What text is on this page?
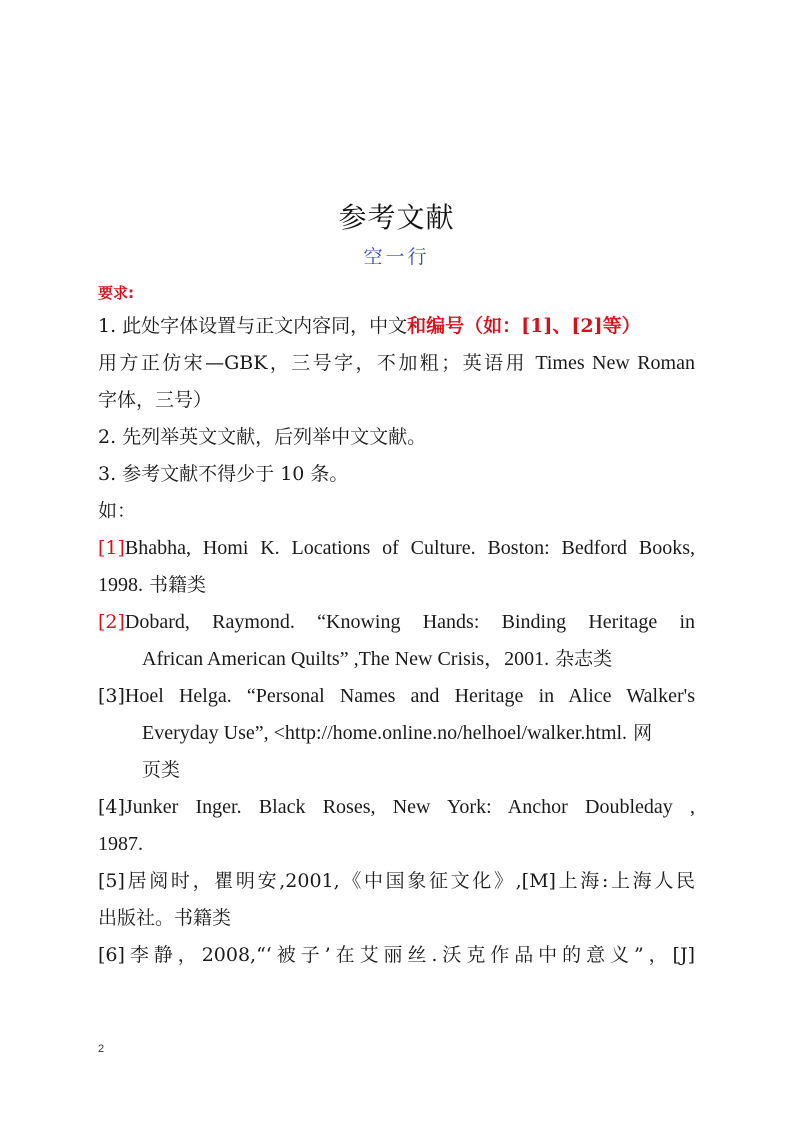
参考文献
空一行
要求:
1. 此处字体设置与正文内容同，中文和编号（如：[1]、[2]等）
用方正仿宋—GBK，三号字，不加粗；英语用 Times New Roman
字体，三号）
2. 先列举英文文献，后列举中文文献。
3. 参考文献不得少于 10 条。
如：
[1]Bhabha, Homi K. Locations of Culture. Boston: Bedford Books,
1998. 书籍类
[2]Dobard, Raymond. “Knowing Hands: Binding Heritage in
African American Quilts” ,The New Crisis，2001. 杂志类
[3]Hoel Helga. “Personal Names and Heritage in Alice Walker's
Everyday Use”, <http://home.online.no/helhoel/walker.html. 网
页类
[4]Junker Inger. Black Roses, New York: Anchor Doubleday ,
1987.
[5]居阅时，瞿明安,2001,《中国象征文化》,[M]上海:上海人民
出版社。书籍类
[6]李静，2008,“‘被子’在艾丽丝.沃克作品中的意义”，[J]
2
